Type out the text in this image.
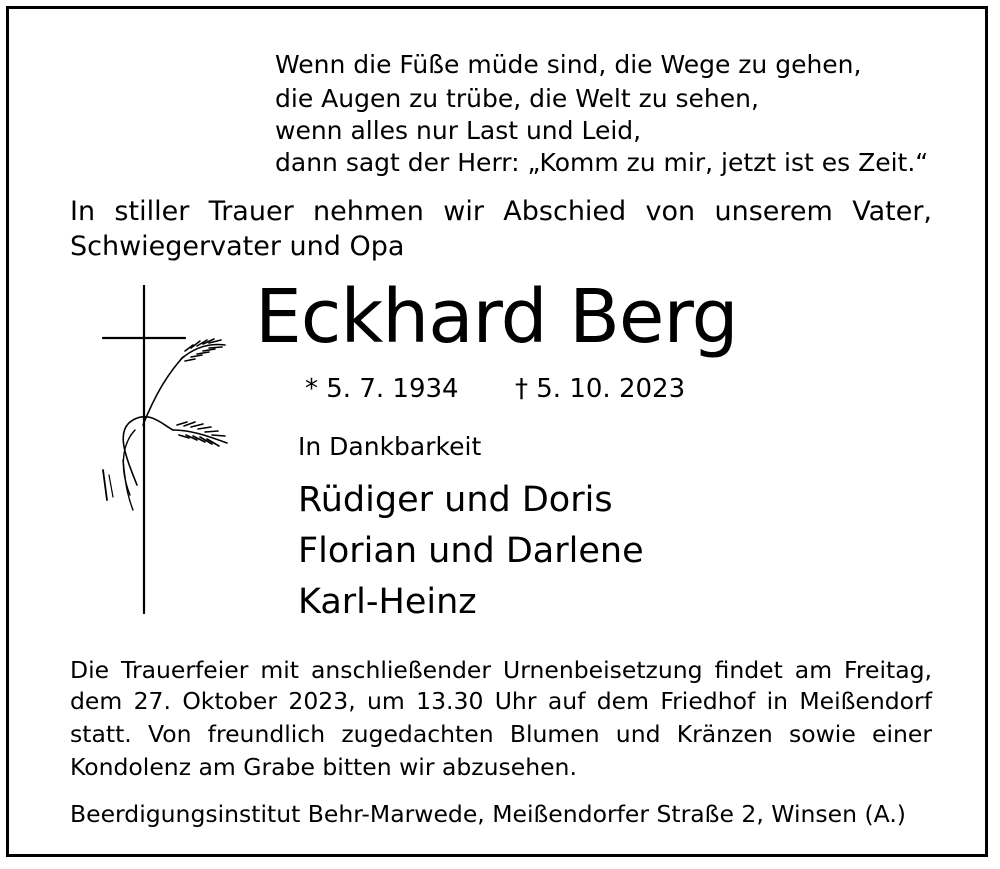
Wenn die Füße müde sind, die Wege zu gehen,
die Augen zu trübe, die Welt zu sehen,
wenn alles nur Last und Leid,
dann sagt der Herr: „Komm zu mir, jetzt ist es Zeit.“
In stiller Trauer nehmen wir Abschied von unserem Vater,
Schwiegervater und Opa
Eckhard Berg
* 5. 7. 1934 † 5. 10. 2023
In Dankbarkeit
Rüdiger und Doris
Florian und Darlene
Karl-Heinz
Die Trauerfeier mit anschließender Urnenbeisetzung findet am Freitag,
dem 27. Oktober 2023, um 13.30 Uhr auf dem Friedhof in Meißendorf
statt. Von freundlich zugedachten Blumen und Kränzen sowie einer
Kondolenz am Grabe bitten wir abzusehen.
Beerdigungsinstitut Behr-Marwede, Meißendorfer Straße 2, Winsen (A.)
